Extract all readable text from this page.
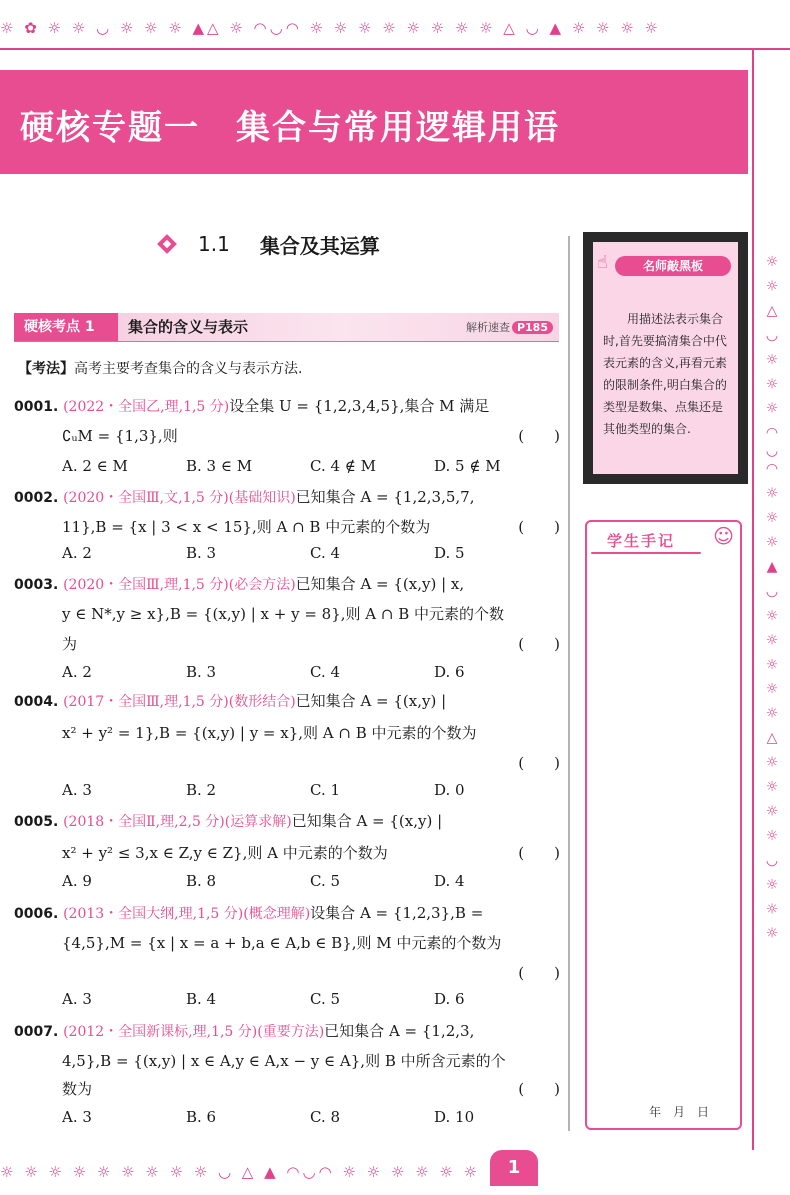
☼ ✿ ☼ ☼ ◡ ☼ ☼ ☼ ▲△ ☼ ◠◡◠ ☼ ☼ ☼ ☼ ☼ ☼ ☼ ☼ △ ◡ ▲ ☼ ☼ ☼ ☼
☼ ☼ △ ◡ ☼ ☼ ☼ ◠◡◠ ☼ ☼ ☼ ▲ ◡ ☼ ☼ ☼ ☼ ☼ △ ☼ ☼ ☼ ☼ ◡ ☼ ☼ ☼
☼ ☼ ☼ ☼ ☼ ☼ ☼ ☼ ☼ ◡ △ ▲ ◠◡◠ ☼ ☼ ☼ ☼ ☼ ☼
硬核专题一　集合与常用逻辑用语
1.1 集合及其运算
硬核考点 1	集合的含义与表示	解析速查 P185
【考法】高考主要考查集合的含义与表示方法.
0001. (2022・全国乙,理,1,5 分)设全集 U = {1,2,3,4,5},集合 M 满足
∁ᵤM = {1,3},则	(　　)
A. 2 ∈ M	B. 3 ∈ M	C. 4 ∉ M	D. 5 ∉ M
0002. (2020・全国Ⅲ,文,1,5 分)(基础知识)已知集合 A = {1,2,3,5,7,
11},B = {x | 3 < x < 15},则 A ∩ B 中元素的个数为	(　　)
A. 2	B. 3	C. 4	D. 5
0003. (2020・全国Ⅲ,理,1,5 分)(必会方法)已知集合 A = {(x,y) | x,
y ∈ N*,y ≥ x},B = {(x,y) | x + y = 8},则 A ∩ B 中元素的个数
为	(　　)
A. 2	B. 3	C. 4	D. 6
0004. (2017・全国Ⅲ,理,1,5 分)(数形结合)已知集合 A = {(x,y) |
x² + y² = 1},B = {(x,y) | y = x},则 A ∩ B 中元素的个数为
(　　)
A. 3	B. 2	C. 1	D. 0
0005. (2018・全国Ⅱ,理,2,5 分)(运算求解)已知集合 A = {(x,y) |
x² + y² ≤ 3,x ∈ Z,y ∈ Z},则 A 中元素的个数为	(　　)
A. 9	B. 8	C. 5	D. 4
0006. (2013・全国大纲,理,1,5 分)(概念理解)设集合 A = {1,2,3},B =
{4,5},M = {x | x = a + b,a ∈ A,b ∈ B},则 M 中元素的个数为
(　　)
A. 3	B. 4	C. 5	D. 6
0007. (2012・全国新课标,理,1,5 分)(重要方法)已知集合 A = {1,2,3,
4,5},B = {(x,y) | x ∈ A,y ∈ A,x − y ∈ A},则 B 中所含元素的个
数为	(　　)
A. 3	B. 6	C. 8	D. 10
☝	名师敲黑板
用描述法表示集合时,首先要搞清集合中代表元素的含义,再看元素的限制条件,明白集合的类型是数集、点集还是其他类型的集合.
学生手记 ☺
年　月　日
1
